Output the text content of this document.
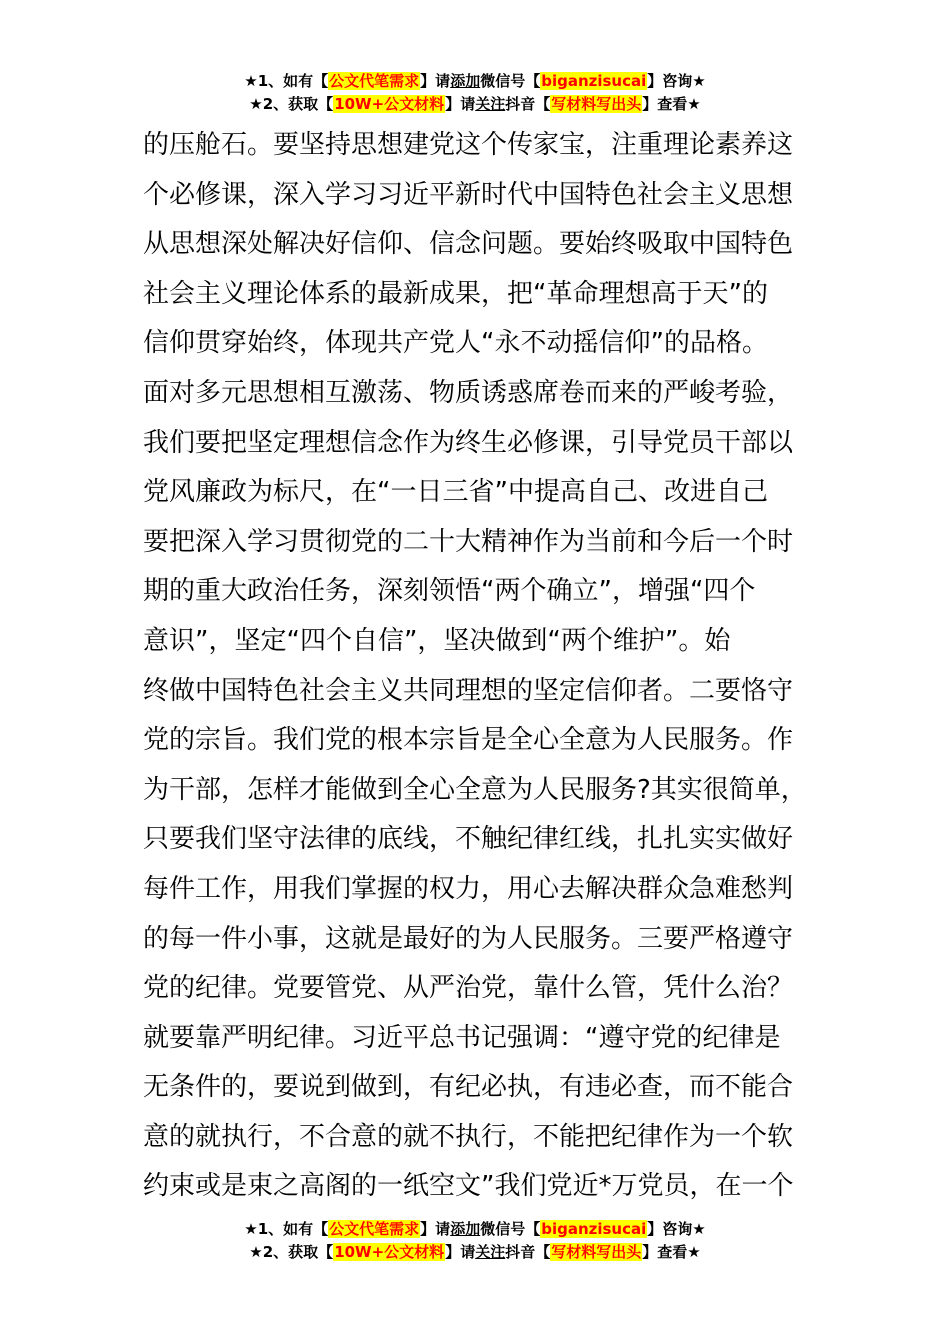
★1、如有【公文代笔需求】请添加微信号【biganzisucai】咨询★
★2、获取【10W+公文材料】请关注抖音【写材料写出头】查看★
的压舱石。要坚持思想建党这个传家宝，注重理论素养这
个必修课，深入学习习近平新时代中国特色社会主义思想
从思想深处解决好信仰、信念问题。要始终吸取中国特色
社会主义理论体系的最新成果，把“革命理想高于天”的
信仰贯穿始终，体现共产党人“永不动摇信仰”的品格。
面对多元思想相互激荡、物质诱惑席卷而来的严峻考验，
我们要把坚定理想信念作为终生必修课，引导党员干部以
党风廉政为标尺，在“一日三省”中提高自己、改进自己
要把深入学习贯彻党的二十大精神作为当前和今后一个时
期的重大政治任务，深刻领悟“两个确立”，增强“四个
意识”，坚定“四个自信”，坚决做到“两个维护”。始
终做中国特色社会主义共同理想的坚定信仰者。二要恪守
党的宗旨。我们党的根本宗旨是全心全意为人民服务。作
为干部，怎样才能做到全心全意为人民服务?其实很简单，
只要我们坚守法律的底线，不触纪律红线，扎扎实实做好
每件工作，用我们掌握的权力，用心去解决群众急难愁判
的每一件小事，这就是最好的为人民服务。三要严格遵守
党的纪律。党要管党、从严治党，靠什么管，凭什么治？
就要靠严明纪律。习近平总书记强调：“遵守党的纪律是
无条件的，要说到做到，有纪必执，有违必查，而不能合
意的就执行，不合意的就不执行，不能把纪律作为一个软
约束或是束之高阁的一纸空文”我们党近*万党员，在一个
★1、如有【公文代笔需求】请添加微信号【biganzisucai】咨询★
★2、获取【10W+公文材料】请关注抖音【写材料写出头】查看★
